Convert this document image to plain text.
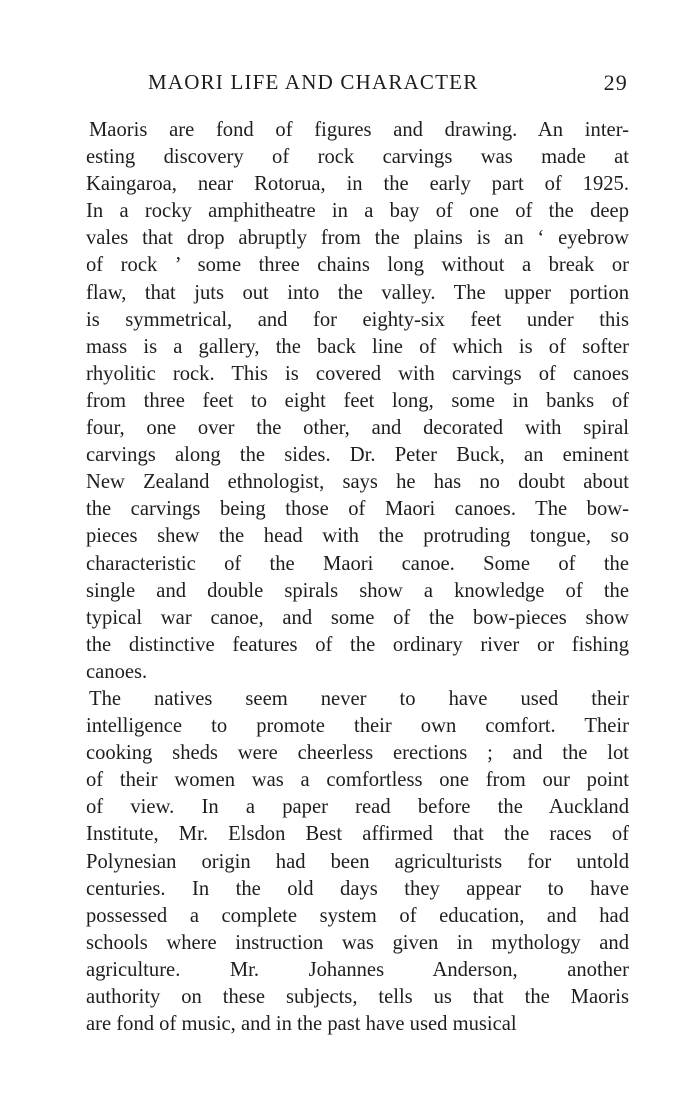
MAORI LIFE AND CHARACTER	29
Maoris are fond of figures and drawing. An inter-
esting discovery of rock carvings was made at
Kaingaroa, near Rotorua, in the early part of 1925.
In a rocky amphitheatre in a bay of one of the deep
vales that drop abruptly from the plains is an ‘ eyebrow
of rock ’ some three chains long without a break or
flaw, that juts out into the valley. The upper portion
is symmetrical, and for eighty-six feet under this
mass is a gallery, the back line of which is of softer
rhyolitic rock. This is covered with carvings of canoes
from three feet to eight feet long, some in banks of
four, one over the other, and decorated with spiral
carvings along the sides. Dr. Peter Buck, an eminent
New Zealand ethnologist, says he has no doubt about
the carvings being those of Maori canoes. The bow-
pieces shew the head with the protruding tongue, so
characteristic of the Maori canoe. Some of the
single and double spirals show a knowledge of the
typical war canoe, and some of the bow-pieces show
the distinctive features of the ordinary river or fishing
canoes.
The natives seem never to have used their
intelligence to promote their own comfort. Their
cooking sheds were cheerless erections ; and the lot
of their women was a comfortless one from our point
of view. In a paper read before the Auckland
Institute, Mr. Elsdon Best affirmed that the races of
Polynesian origin had been agriculturists for untold
centuries. In the old days they appear to have
possessed a complete system of education, and had
schools where instruction was given in mythology and
agriculture. Mr. Johannes Anderson, another
authority on these subjects, tells us that the Maoris
are fond of music, and in the past have used musical
